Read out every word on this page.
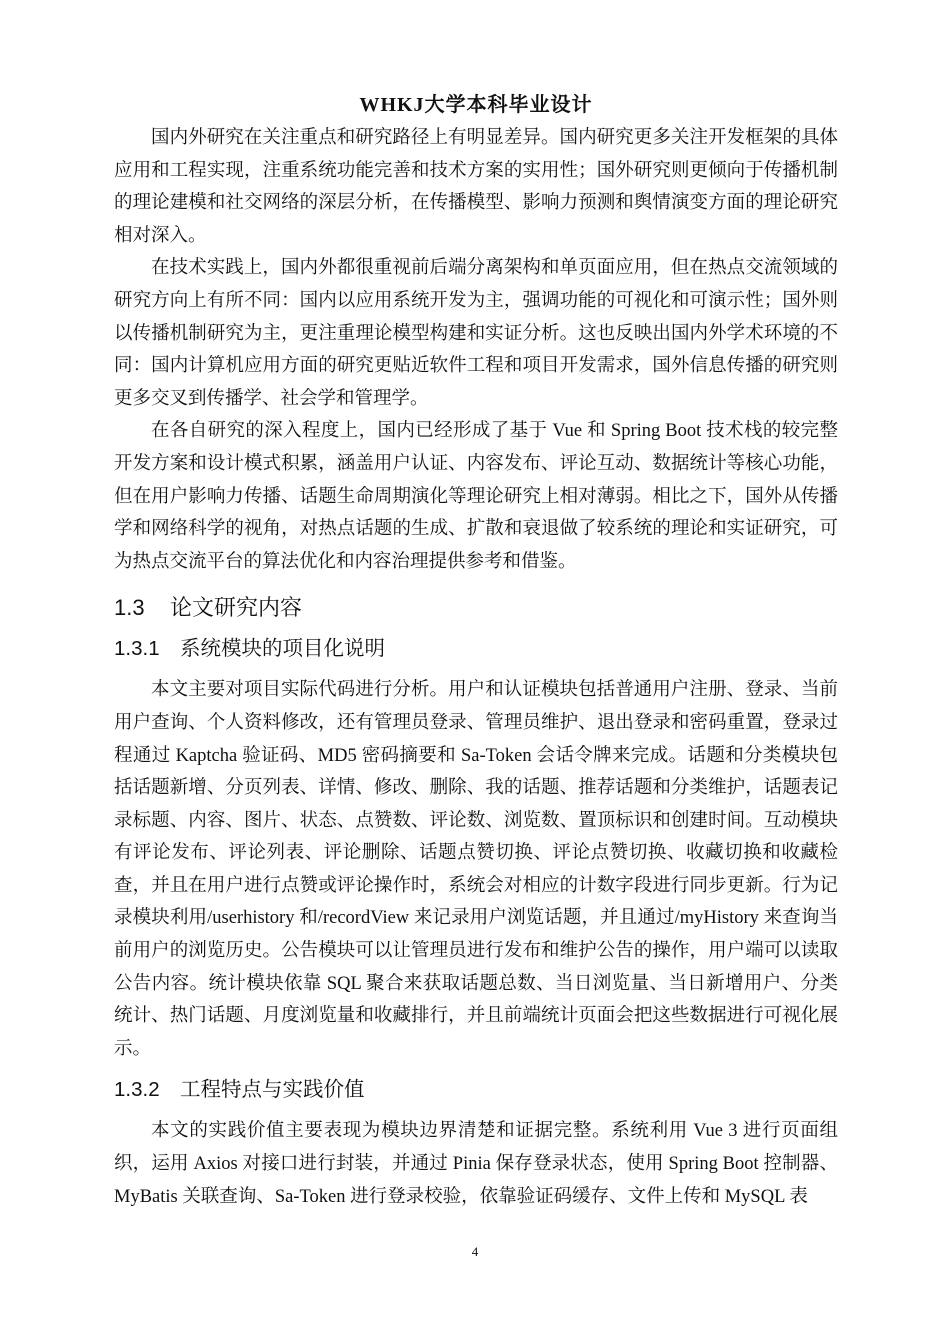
WHKJ大学本科毕业设计

国内外研究在关注重点和研究路径上有明显差异。国内研究更多关注开发框架的具体应用和工程实现，注重系统功能完善和技术方案的实用性；国外研究则更倾向于传播机制的理论建模和社交网络的深层分析，在传播模型、影响力预测和舆情演变方面的理论研究相对深入。

在技术实践上，国内外都很重视前后端分离架构和单页面应用，但在热点交流领域的研究方向上有所不同：国内以应用系统开发为主，强调功能的可视化和可演示性；国外则以传播机制研究为主，更注重理论模型构建和实证分析。这也反映出国内外学术环境的不同：国内计算机应用方面的研究更贴近软件工程和项目开发需求，国外信息传播的研究则更多交叉到传播学、社会学和管理学。

在各自研究的深入程度上，国内已经形成了基于 Vue 和 Spring Boot 技术栈的较完整开发方案和设计模式积累，涵盖用户认证、内容发布、评论互动、数据统计等核心功能，但在用户影响力传播、话题生命周期演化等理论研究上相对薄弱。相比之下，国外从传播学和网络科学的视角，对热点话题的生成、扩散和衰退做了较系统的理论和实证研究，可为热点交流平台的算法优化和内容治理提供参考和借鉴。

1.3	论文研究内容
1.3.1 系统模块的项目化说明

本文主要对项目实际代码进行分析。用户和认证模块包括普通用户注册、登录、当前用户查询、个人资料修改，还有管理员登录、管理员维护、退出登录和密码重置，登录过程通过 Kaptcha 验证码、MD5 密码摘要和 Sa-Token 会话令牌来完成。话题和分类模块包括话题新增、分页列表、详情、修改、删除、我的话题、推荐话题和分类维护，话题表记录标题、内容、图片、状态、点赞数、评论数、浏览数、置顶标识和创建时间。互动模块有评论发布、评论列表、评论删除、话题点赞切换、评论点赞切换、收藏切换和收藏检查，并且在用户进行点赞或评论操作时，系统会对相应的计数字段进行同步更新。行为记录模块利用/userhistory 和/recordView 来记录用户浏览话题，并且通过/myHistory 来查询当前用户的浏览历史。公告模块可以让管理员进行发布和维护公告的操作，用户端可以读取公告内容。统计模块依靠 SQL 聚合来获取话题总数、当日浏览量、当日新增用户、分类统计、热门话题、月度浏览量和收藏排行，并且前端统计页面会把这些数据进行可视化展示。

1.3.2 工程特点与实践价值

本文的实践价值主要表现为模块边界清楚和证据完整。系统利用 Vue 3 进行页面组织，运用 Axios 对接口进行封装，并通过 Pinia 保存登录状态，使用 Spring Boot 控制器、MyBatis 关联查询、Sa-Token 进行登录校验，依靠验证码缓存、文件上传和 MySQL 表

4
